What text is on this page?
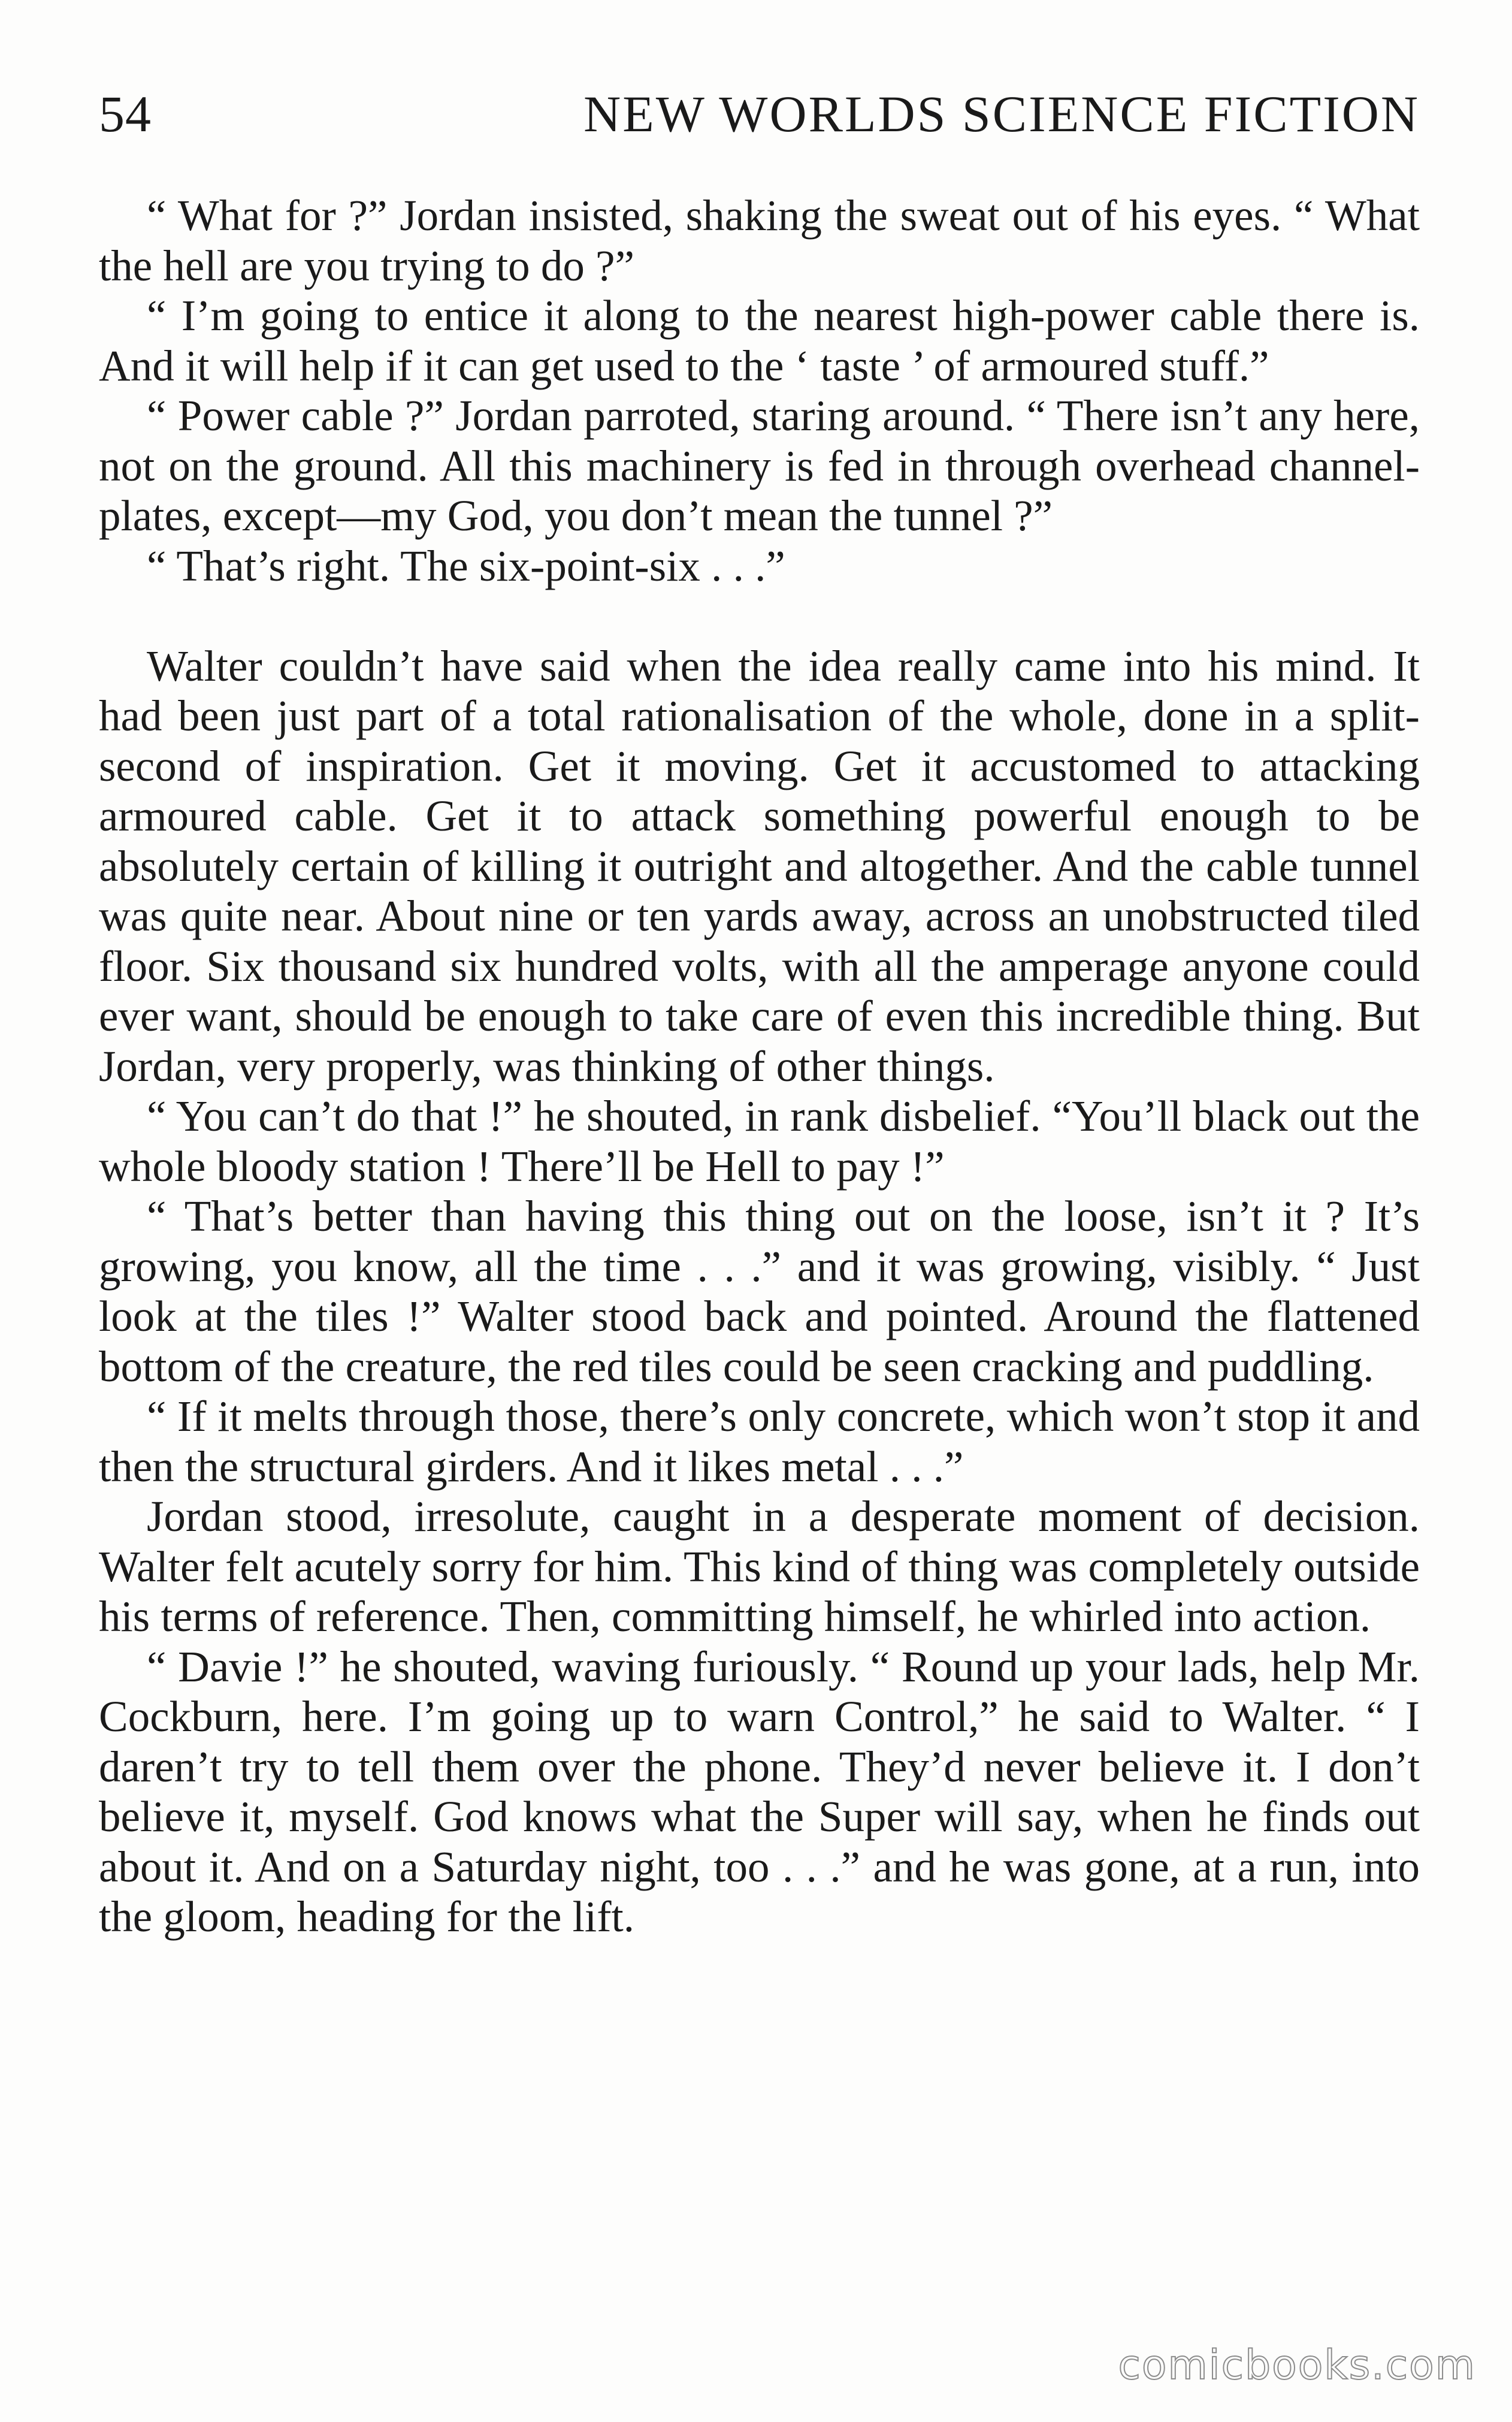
54	NEW WORLDS SCIENCE FICTION

“ What for ?” Jordan insisted, shaking the sweat out of his eyes. “ What the hell are you trying to do ?”

“ I’m going to entice it along to the nearest high-power cable there is. And it will help if it can get used to the ‘ taste ’ of armoured stuff.”

“ Power cable ?” Jordan parroted, staring around. “ There isn’t any here, not on the ground. All this machinery is fed in through overhead channel-plates, except—my God, you don’t mean the tunnel ?”

“ That’s right. The six-point-six . . .”

Walter couldn’t have said when the idea really came into his mind. It had been just part of a total rationalisation of the whole, done in a split-second of inspiration. Get it moving. Get it accustomed to attacking armoured cable. Get it to attack something powerful enough to be absolutely certain of killing it outright and altogether. And the cable tunnel was quite near. About nine or ten yards away, across an unobstructed tiled floor. Six thousand six hundred volts, with all the amperage anyone could ever want, should be enough to take care of even this incredible thing. But Jordan, very properly, was thinking of other things.

“ You can’t do that !” he shouted, in rank disbelief. “You’ll black out the whole bloody station ! There’ll be Hell to pay !”

“ That’s better than having this thing out on the loose, isn’t it ? It’s growing, you know, all the time . . .” and it was growing, visibly. “ Just look at the tiles !” Walter stood back and pointed. Around the flattened bottom of the creature, the red tiles could be seen cracking and puddling.

“ If it melts through those, there’s only concrete, which won’t stop it and then the structural girders. And it likes metal . . .”

Jordan stood, irresolute, caught in a desperate moment of decision. Walter felt acutely sorry for him. This kind of thing was completely outside his terms of reference. Then, committing himself, he whirled into action.

“ Davie !” he shouted, waving furiously. “ Round up your lads, help Mr. Cockburn, here. I’m going up to warn Control,” he said to Walter. “ I daren’t try to tell them over the phone. They’d never believe it. I don’t believe it, myself. God knows what the Super will say, when he finds out about it. And on a Saturday night, too . . .” and he was gone, at a run, into the gloom, heading for the lift.

comicbooks.com
